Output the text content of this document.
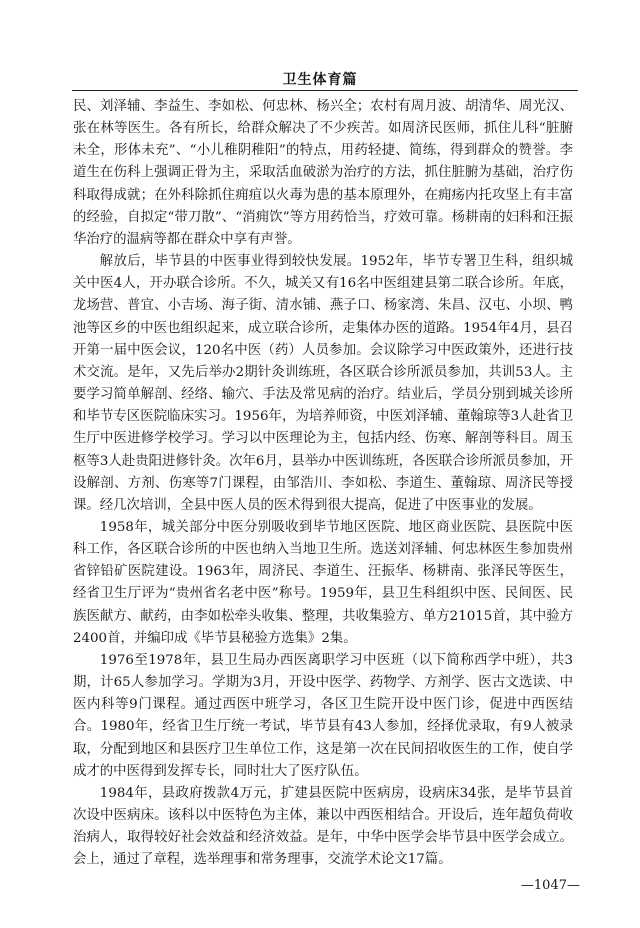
卫生体育篇

民、刘泽辅、李益生、李如松、何忠林、杨兴全；农村有周月波、胡清华、周光汉、张在林等医生。各有所长，给群众解决了不少疾苦。如周济民医师，抓住儿科“脏腑未全，形体未充”、“小儿稚阴稚阳”的特点，用药轻捷、简练，得到群众的赞誉。李道生在伤科上强调正骨为主，采取活血破淤为治疗的方法，抓住脏腑为基础，治疗伤科取得成就；在外科除抓住痈疽以火毒为患的基本原理外，在痈疡内托攻坚上有丰富的经验，自拟定“带刀散”、“消痈饮”等方用药恰当，疗效可靠。杨耕南的妇科和汪振华治疗的温病等都在群众中享有声誉。

解放后，毕节县的中医事业得到较快发展。1952年，毕节专署卫生科，组织城关中医4人，开办联合诊所。不久，城关又有16名中医组建县第二联合诊所。年底，龙场营、普宜、小吉场、海子街、清水铺、燕子口、杨家湾、朱昌、汉屯、小坝、鸭池等区乡的中医也组织起来，成立联合诊所，走集体办医的道路。1954年4月，县召开第一届中医会议，120名中医（药）人员参加。会议除学习中医政策外，还进行技术交流。是年，又先后举办2期针灸训练班，各区联合诊所派员参加，共训53人。主要学习简单解剖、经络、输穴、手法及常见病的治疗。结业后，学员分别到城关诊所和毕节专区医院临床实习。1956年，为培养师资，中医刘泽辅、董翰琼等3人赴省卫生厅中医进修学校学习。学习以中医理论为主，包括内经、伤寒、解剖等科目。周玉枢等3人赴贵阳进修针灸。次年6月，县举办中医训练班，各医联合诊所派员参加，开设解剖、方剂、伤寒等7门课程，由邹浩川、李如松、李道生、董翰琼、周济民等授课。经几次培训，全县中医人员的医术得到很大提高，促进了中医事业的发展。

1958年，城关部分中医分别吸收到毕节地区医院、地区商业医院、县医院中医科工作，各区联合诊所的中医也纳入当地卫生所。选送刘泽辅、何忠林医生参加贵州省锌铅矿医院建设。1963年，周济民、李道生、汪振华、杨耕南、张泽民等医生，经省卫生厅评为“贵州省名老中医”称号。1959年，县卫生科组织中医、民间医、民族医献方、献药，由李如松牵头收集、整理，共收集验方、单方21015首，其中验方2400首，并编印成《毕节县秘验方选集》2集。

1976至1978年，县卫生局办西医离职学习中医班（以下简称西学中班），共3期，计65人参加学习。学期为3月，开设中医学、药物学、方剂学、医古文选读、中医内科等9门课程。通过西医中班学习，各区卫生院开设中医门诊，促进中西医结合。1980年，经省卫生厅统一考试，毕节县有43人参加，经择优录取，有9人被录取，分配到地区和县医疗卫生单位工作，这是第一次在民间招收医生的工作，使自学成才的中医得到发挥专长，同时壮大了医疗队伍。

1984年，县政府拨款4万元，扩建县医院中医病房，设病床34张，是毕节县首次设中医病床。该科以中医特色为主体，兼以中西医相结合。开设后，连年超负荷收治病人，取得较好社会效益和经济效益。是年，中华中医学会毕节县中医学会成立。会上，通过了章程，选举理事和常务理事，交流学术论文17篇。

—1047—
